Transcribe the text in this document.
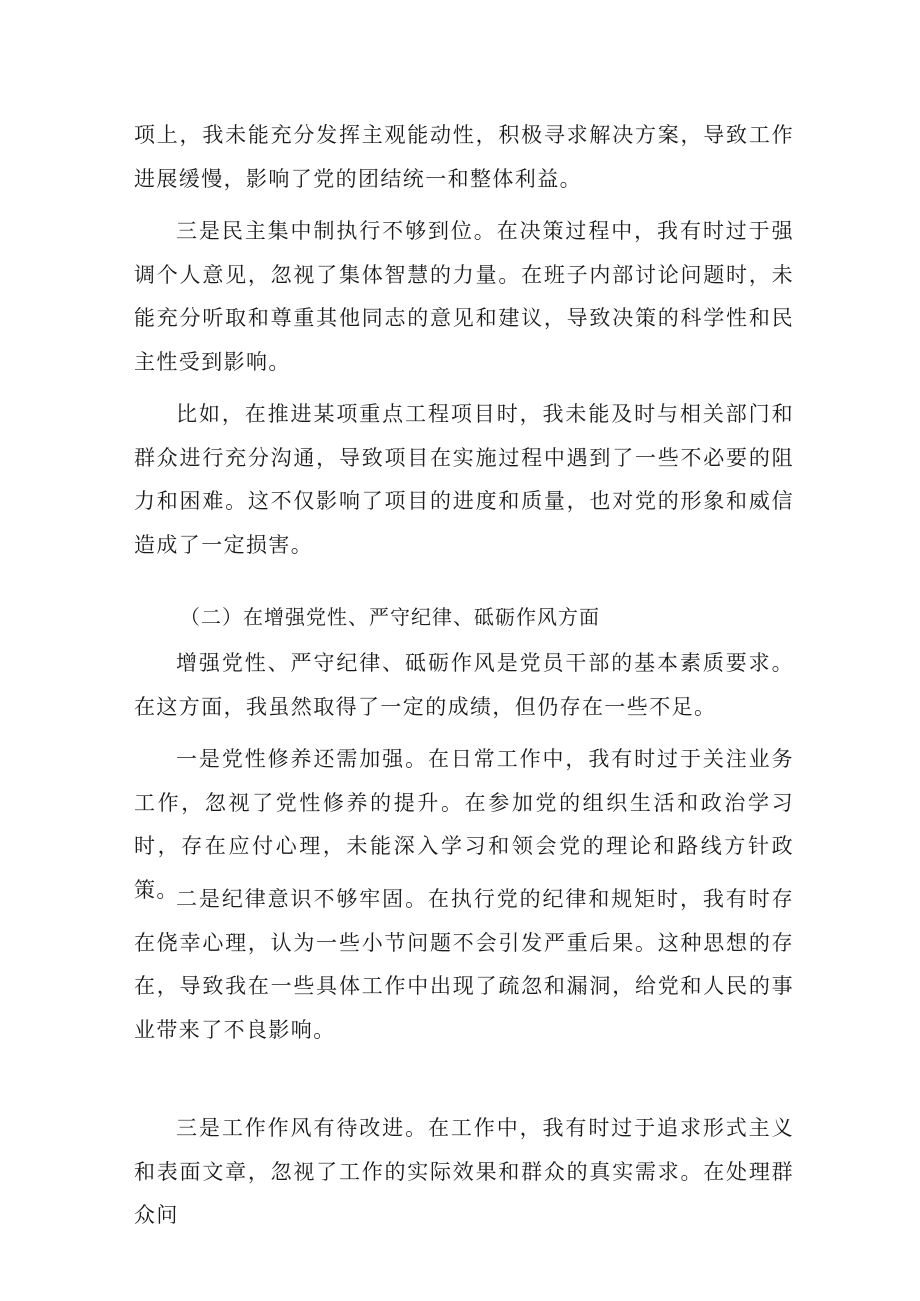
项上，我未能充分发挥主观能动性，积极寻求解决方案，导致工作进展缓慢，影响了党的团结统一和整体利益。

三是民主集中制执行不够到位。在决策过程中，我有时过于强调个人意见，忽视了集体智慧的力量。在班子内部讨论问题时，未能充分听取和尊重其他同志的意见和建议，导致决策的科学性和民主性受到影响。

比如，在推进某项重点工程项目时，我未能及时与相关部门和群众进行充分沟通，导致项目在实施过程中遇到了一些不必要的阻力和困难。这不仅影响了项目的进度和质量，也对党的形象和威信造成了一定损害。

（二）在增强党性、严守纪律、砥砺作风方面

增强党性、严守纪律、砥砺作风是党员干部的基本素质要求。在这方面，我虽然取得了一定的成绩，但仍存在一些不足。

一是党性修养还需加强。在日常工作中，我有时过于关注业务工作，忽视了党性修养的提升。在参加党的组织生活和政治学习时，存在应付心理，未能深入学习和领会党的理论和路线方针政策。

二是纪律意识不够牢固。在执行党的纪律和规矩时，我有时存在侥幸心理，认为一些小节问题不会引发严重后果。这种思想的存在，导致我在一些具体工作中出现了疏忽和漏洞，给党和人民的事业带来了不良影响。

三是工作作风有待改进。在工作中，我有时过于追求形式主义和表面文章，忽视了工作的实际效果和群众的真实需求。在处理群众问
